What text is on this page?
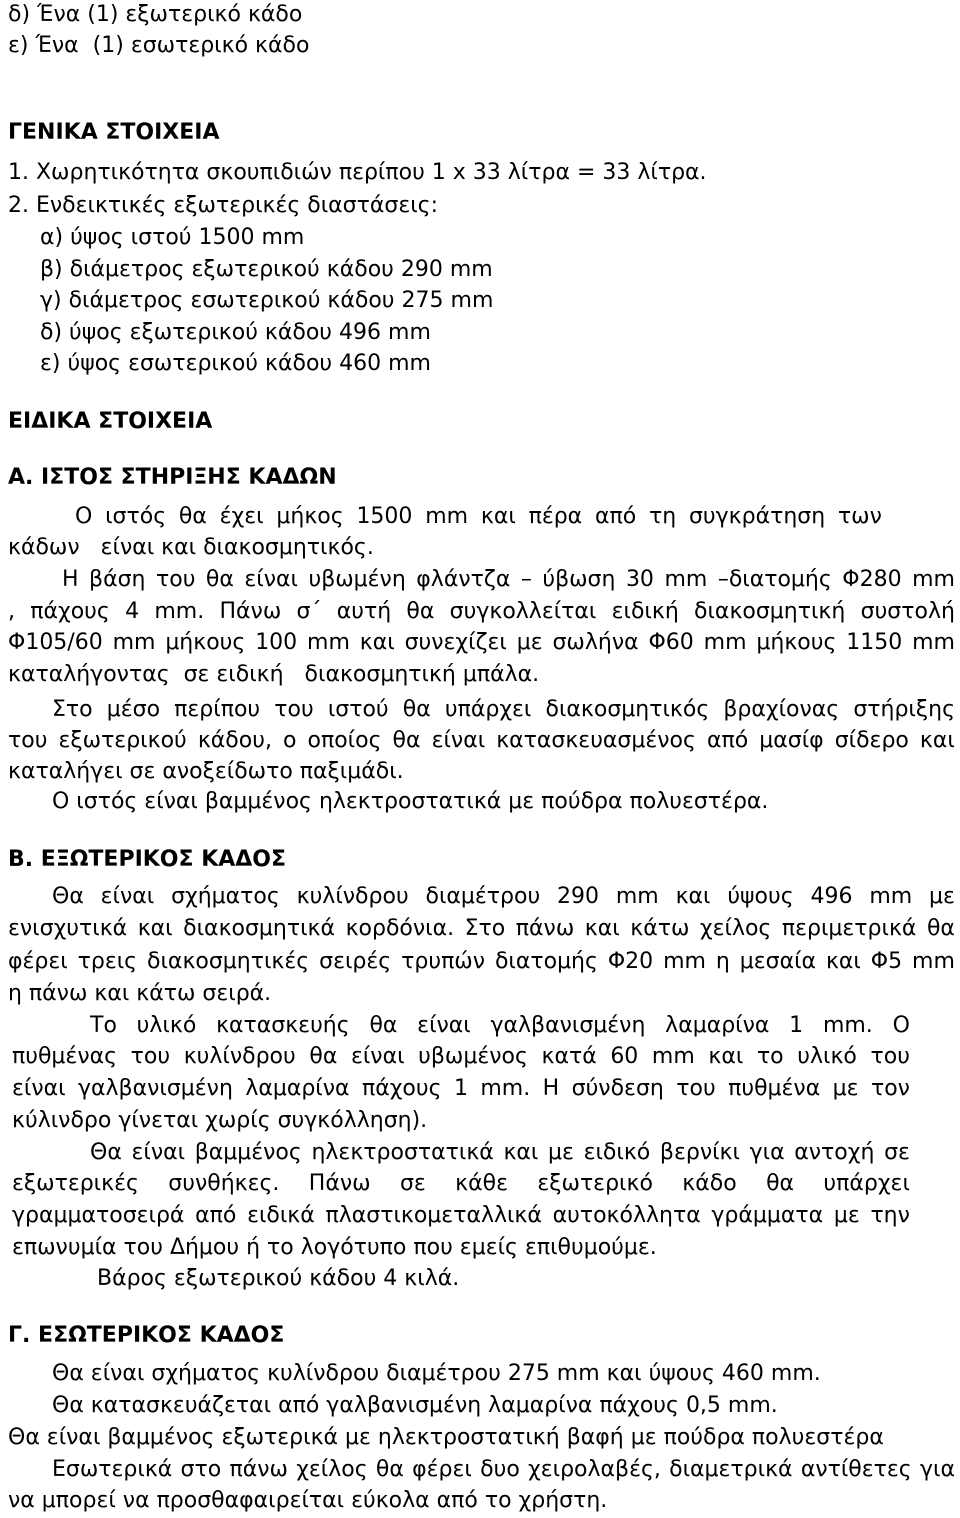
δ) Ένα (1) εξωτερικό κάδο
ε) Ένα  (1) εσωτερικό κάδο
ΓΕΝΙΚΑ ΣΤΟΙΧΕΙΑ
1. Χωρητικότητα σκουπιδιών περίπου 1 x 33 λίτρα = 33 λίτρα.
2. Ενδεικτικές εξωτερικές διαστάσεις:
α) ύψος ιστού 1500 mm
β) διάμετρος εξωτερικού κάδου 290 mm
γ) διάμετρος εσωτερικού κάδου 275 mm
δ) ύψος εξωτερικού κάδου 496 mm
ε) ύψος εσωτερικού κάδου 460 mm
ΕΙΔΙΚΑ ΣΤΟΙΧΕΙΑ
Α. ΙΣΤΟΣ ΣΤΗΡΙΞΗΣ ΚΑΔΩΝ
Ο ιστός θα έχει μήκος 1500 mm και πέρα από τη συγκράτηση των
κάδων   είναι και διακοσμητικός.
Η βάση του θα είναι υβωμένη φλάντζα – ύβωση 30 mm –διατομής Φ280 mm
, πάχους 4 mm. Πάνω σ΄ αυτή θα συγκολλείται ειδική διακοσμητική συστολή
Φ105/60 mm μήκους 100 mm και συνεχίζει με σωλήνα Φ60 mm μήκους 1150 mm
καταλήγοντας  σε ειδική   διακοσμητική μπάλα.
Στο μέσο περίπου του ιστού θα υπάρχει διακοσμητικός βραχίονας στήριξης
του εξωτερικού κάδου, ο οποίος θα είναι κατασκευασμένος από μασίφ σίδερο και
καταλήγει σε ανοξείδωτο παξιμάδι.
Ο ιστός είναι βαμμένος ηλεκτροστατικά με πούδρα πολυεστέρα.
Β. ΕΞΩΤΕΡΙΚΟΣ ΚΑΔΟΣ
Θα είναι σχήματος κυλίνδρου διαμέτρου 290 mm και ύψους 496 mm με
ενισχυτικά και διακοσμητικά κορδόνια. Στο πάνω και κάτω χείλος περιμετρικά θα
φέρει τρεις διακοσμητικές σειρές τρυπών διατομής Φ20 mm η μεσαία και Φ5 mm
η πάνω και κάτω σειρά.
Το υλικό κατασκευής θα είναι γαλβανισμένη λαμαρίνα 1 mm. Ο
πυθμένας του κυλίνδρου θα είναι υβωμένος κατά 60 mm και το υλικό του
είναι γαλβανισμένη λαμαρίνα πάχους 1 mm. Η σύνδεση του πυθμένα με τον
κύλινδρο γίνεται χωρίς συγκόλληση).
Θα είναι βαμμένος ηλεκτροστατικά και με ειδικό βερνίκι για αντοχή σε
εξωτερικές συνθήκες. Πάνω σε κάθε εξωτερικό κάδο θα υπάρχει
γραμματοσειρά από ειδικά πλαστικομεταλλικά αυτοκόλλητα γράμματα με την
επωνυμία του Δήμου ή το λογότυπο που εμείς επιθυμούμε.
Βάρος εξωτερικού κάδου 4 κιλά.
Γ. ΕΣΩΤΕΡΙΚΟΣ ΚΑΔΟΣ
Θα είναι σχήματος κυλίνδρου διαμέτρου 275 mm και ύψους 460 mm.
Θα κατασκευάζεται από γαλβανισμένη λαμαρίνα πάχους 0,5 mm.
Θα είναι βαμμένος εξωτερικά με ηλεκτροστατική βαφή με πούδρα πολυεστέρα
Εσωτερικά στο πάνω χείλος θα φέρει δυο χειρολαβές, διαμετρικά αντίθετες για
να μπορεί να προσθαφαιρείται εύκολα από το χρήστη.
